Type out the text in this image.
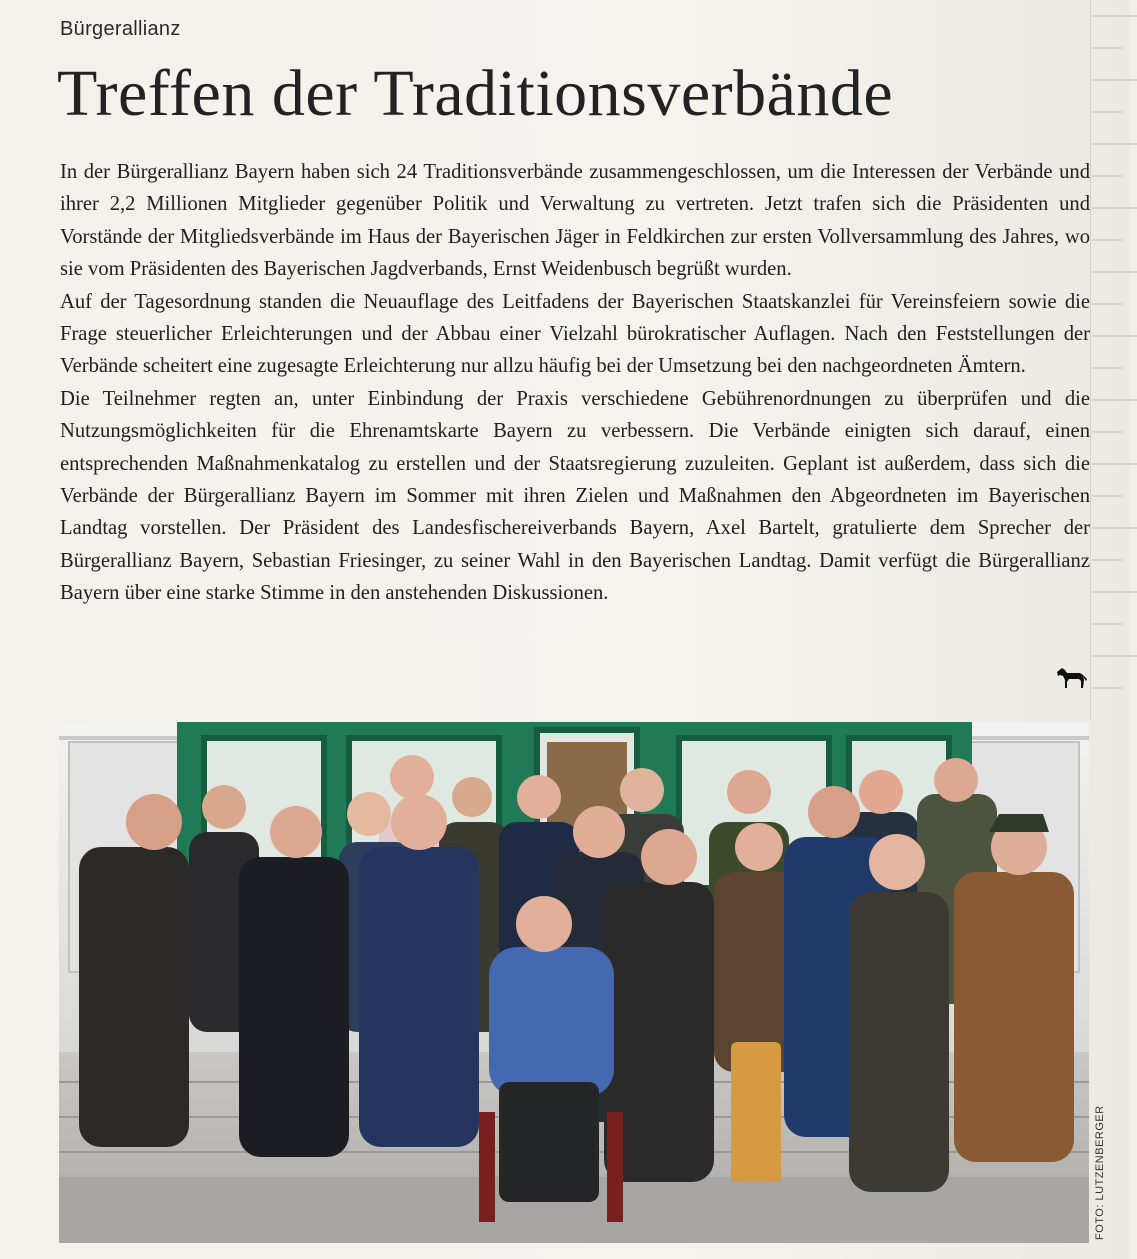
———
——
———
——
———
——
———
——
———
——
———
——
———
——
———
——
———
——
———
——
———
——
Bürgerallianz
Treffen der Traditionsverbände

In der Bürgerallianz Bayern haben sich 24 Traditionsverbände zusammengeschlossen, um die Interessen der Verbände und ihrer 2,2 Millionen Mitglieder gegenüber Politik und Verwaltung zu vertreten. Jetzt trafen sich die Präsidenten und Vorstände der Mitgliedsverbände im Haus der Bayerischen Jäger in Feldkirchen zur ersten Vollversammlung des Jahres, wo sie vom Präsidenten des Bayerischen Jagdverbands, Ernst Weidenbusch begrüßt wurden.

Auf der Tagesordnung standen die Neuauflage des Leitfadens der Bayerischen Staatskanzlei für Vereinsfeiern sowie die Frage steuerlicher Erleichterungen und der Abbau einer Vielzahl bürokratischer Auflagen. Nach den Feststellungen der Verbände scheitert eine zugesagte Erleichterung nur allzu häufig bei der Umsetzung bei den nachgeordneten Ämtern.

Die Teilnehmer regten an, unter Einbindung der Praxis verschiedene Gebührenordnungen zu überprüfen und die Nutzungsmöglichkeiten für die Ehrenamtskarte Bayern zu verbessern. Die Verbände einigten sich darauf, einen entsprechenden Maßnahmenkatalog zu erstellen und der Staatsregierung zuzuleiten. Geplant ist außerdem, dass sich die Verbände der Bürgerallianz Bayern im Sommer mit ihren Zielen und Maßnahmen den Abgeordneten im Bayerischen Landtag vorstellen. Der Präsident des Landesfischereiverbands Bayern, Axel Bartelt, gratulierte dem Sprecher der Bürgerallianz Bayern, Sebastian Friesinger, zu seiner Wahl in den Bayerischen Landtag. Damit verfügt die Bürgerallianz Bayern über eine starke Stimme in den anstehenden Diskussionen.

FOTO: LUTZENBERGER
